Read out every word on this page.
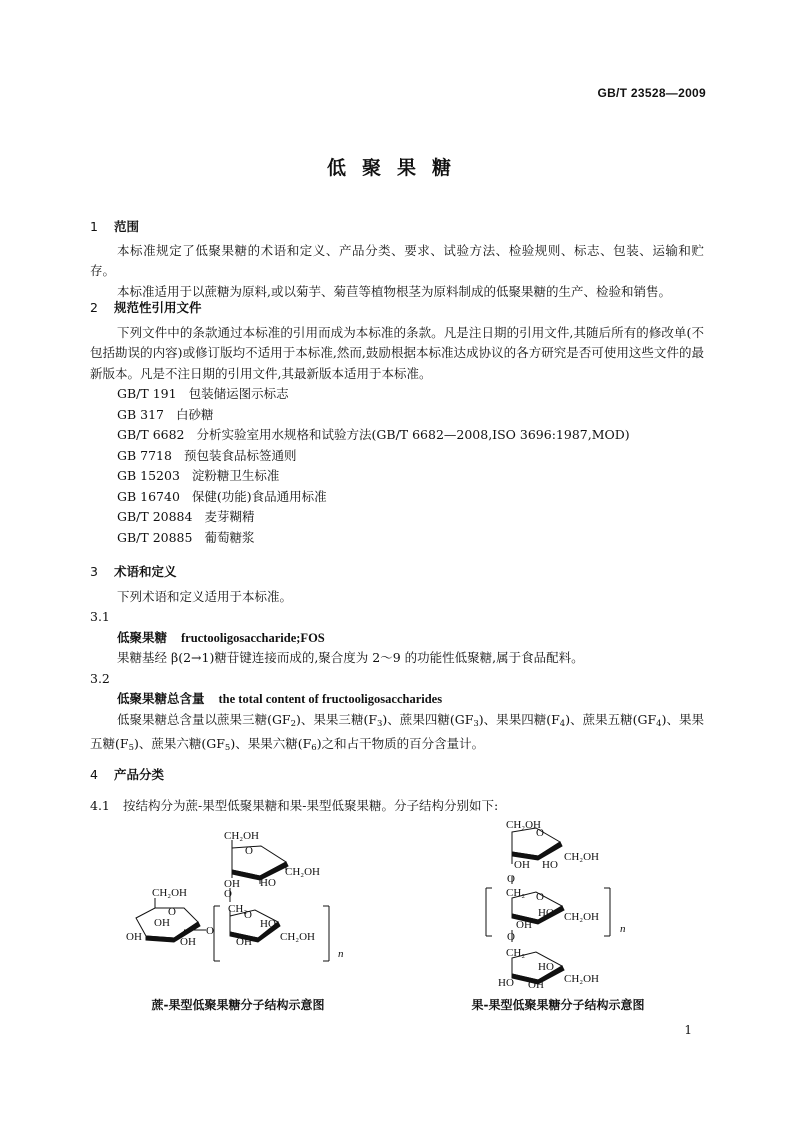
GB/T 23528—2009
低聚果糖
1 范围
本标准规定了低聚果糖的术语和定义、产品分类、要求、试验方法、检验规则、标志、包装、运输和贮存。
本标准适用于以蔗糖为原料,或以菊芋、菊苣等植物根茎为原料制成的低聚果糖的生产、检验和销售。
2 规范性引用文件
下列文件中的条款通过本标准的引用而成为本标准的条款。凡是注日期的引用文件,其随后所有的修改单(不包括勘误的内容)或修订版均不适用于本标准,然而,鼓励根据本标准达成协议的各方研究是否可使用这些文件的最新版本。凡是不注日期的引用文件,其最新版本适用于本标准。
GB/T 191 包装储运图示标志
GB 317 白砂糖
GB/T 6682 分析实验室用水规格和试验方法(GB/T 6682—2008,ISO 3696:1987,MOD)
GB 7718 预包装食品标签通则
GB 15203 淀粉糖卫生标准
GB 16740 保健(功能)食品通用标准
GB/T 20884 麦芽糊精
GB/T 20885 葡萄糖浆
3 术语和定义
下列术语和定义适用于本标准。
3.1
低聚果糖 fructooligosaccharide;FOS
果糖基经 β(2→1)糖苷键连接而成的,聚合度为 2～9 的功能性低聚糖,属于食品配料。
3.2
低聚果糖总含量 the total content of fructooligosaccharides
低聚果糖总含量以蔗果三糖$(GF_2)$、果果三糖$(F_3)$、蔗果四糖$(GF_3)$、果果四糖$(F_4)$、蔗果五糖$(GF_4)$、果果五糖$(F_5)$、蔗果六糖$(GF_5)$、果果六糖$(F_6)$之和占干物质的百分含量计。
4 产品分类
4.1 按结构分为蔗-果型低聚果糖和果-果型低聚果糖。分子结构分别如下:
CH₂OH
O
OH HO
CH₂OH
O
CH₂
CH₂OH
O
OH
OH	OH
O
O
HO
OH	CH₂OH
n
CH₂OH
O
OH HO
CH₂OH
O
CH₂ O
HO
OH
CH₂OH
O
CH₂
HO
HO OH CH₂OH
n
蔗-果型低聚果糖分子结构示意图	果-果型低聚果糖分子结构示意图
1
